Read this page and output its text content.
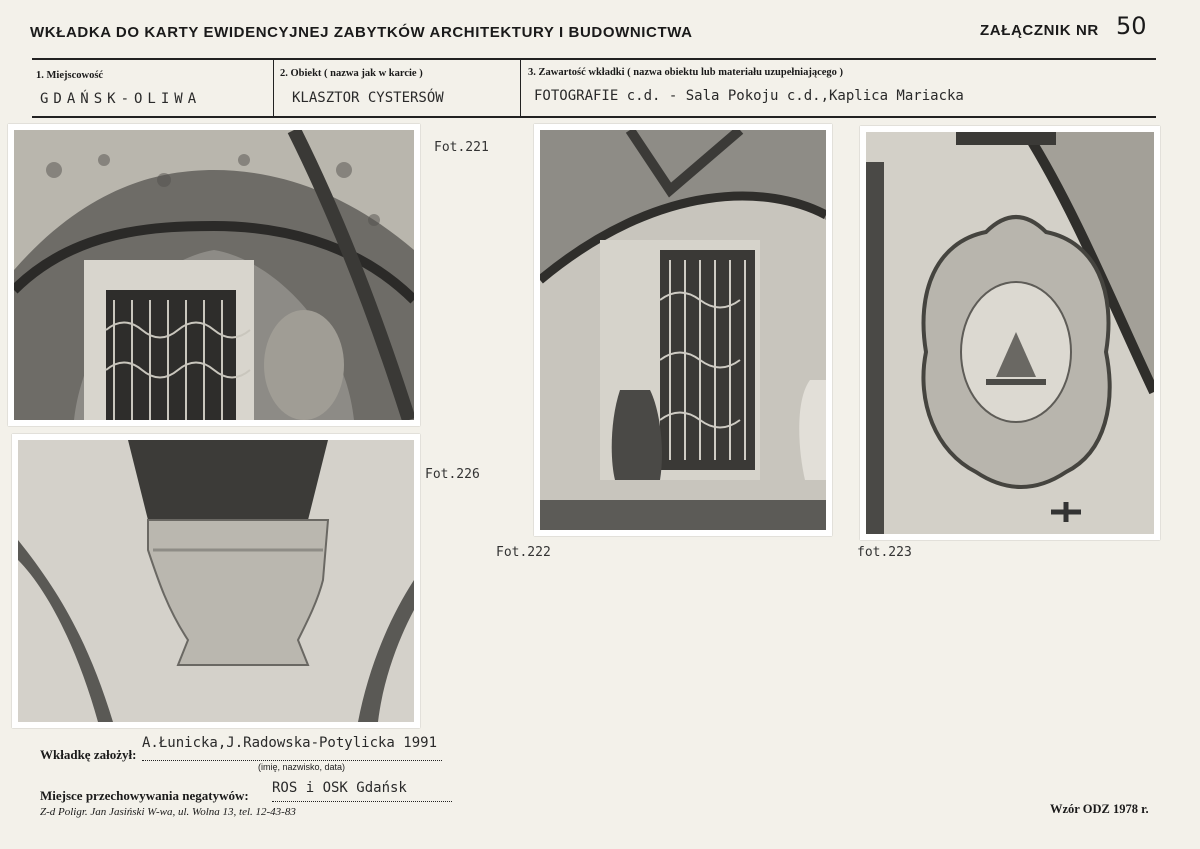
WKŁADKA DO KARTY EWIDENCYJNEJ ZABYTKÓW ARCHITEKTURY I BUDOWNICTWA	ZAŁĄCZNIK NR 50
1. Miejscowość
GDAŃSK-OLIWA
2. Obiekt ( nazwa jak w karcie )
KLASZTOR CYSTERSÓW
3. Zawartość wkładki ( nazwa obiektu lub materiału uzupełniającego )
FOTOGRAFIE c.d. - Sala Pokoju c.d.,Kaplica Mariacka
Fot.221
Fot.222	fot.223
Fot.226
Wkładkę założył:
A.Łunicka,J.Radowska-Potylicka 1991
(imię, nazwisko, data)
Miejsce przechowywania negatywów: ROS i OSK Gdańsk
Z-d Poligr. Jan Jasiński W-wa, ul. Wolna 13, tel. 12-43-83	Wzór ODZ 1978 r.
